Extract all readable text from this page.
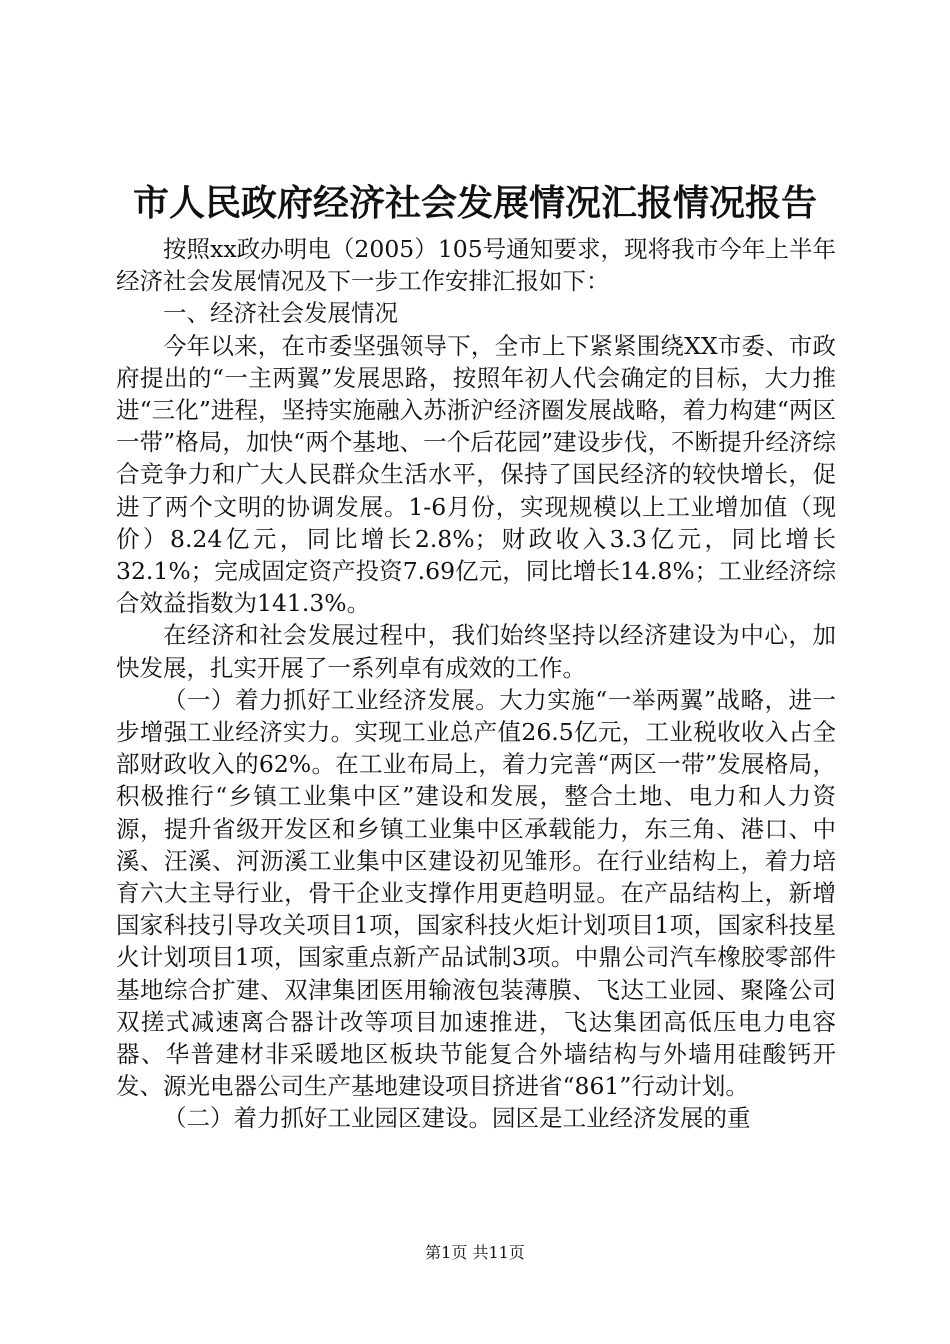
市人民政府经济社会发展情况汇报情况报告

按照xx政办明电（2005）105号通知要求，现将我市今年上半年经济社会发展情况及下一步工作安排汇报如下：

一、经济社会发展情况

今年以来，在市委坚强领导下，全市上下紧紧围绕XX市委、市政府提出的“一主两翼”发展思路，按照年初人代会确定的目标，大力推进“三化”进程，坚持实施融入苏浙沪经济圈发展战略，着力构建“两区一带”格局，加快“两个基地、一个后花园”建设步伐，不断提升经济综合竞争力和广大人民群众生活水平，保持了国民经济的较快增长，促进了两个文明的协调发展。1-6月份，实现规模以上工业增加值（现价）8.24亿元，同比增长2.8%；财政收入3.3亿元，同比增长32.1%；完成固定资产投资7.69亿元，同比增长14.8%；工业经济综合效益指数为141.3%。

在经济和社会发展过程中，我们始终坚持以经济建设为中心，加快发展，扎实开展了一系列卓有成效的工作。

（一）着力抓好工业经济发展。大力实施“一举两翼”战略，进一步增强工业经济实力。实现工业总产值26.5亿元，工业税收收入占全部财政收入的62%。在工业布局上，着力完善“两区一带”发展格局，积极推行“乡镇工业集中区”建设和发展，整合土地、电力和人力资源，提升省级开发区和乡镇工业集中区承载能力，东三角、港口、中溪、汪溪、河沥溪工业集中区建设初见雏形。在行业结构上，着力培育六大主导行业，骨干企业支撑作用更趋明显。在产品结构上，新增国家科技引导攻关项目1项，国家科技火炬计划项目1项，国家科技星火计划项目1项，国家重点新产品试制3项。中鼎公司汽车橡胶零部件基地综合扩建、双津集团医用输液包装薄膜、飞达工业园、聚隆公司双搓式减速离合器计改等项目加速推进，飞达集团高低压电力电容器、华普建材非采暖地区板块节能复合外墙结构与外墙用硅酸钙开发、源光电器公司生产基地建设项目挤进省“861”行动计划。

（二）着力抓好工业园区建设。园区是工业经济发展的重

第1页 共11页
